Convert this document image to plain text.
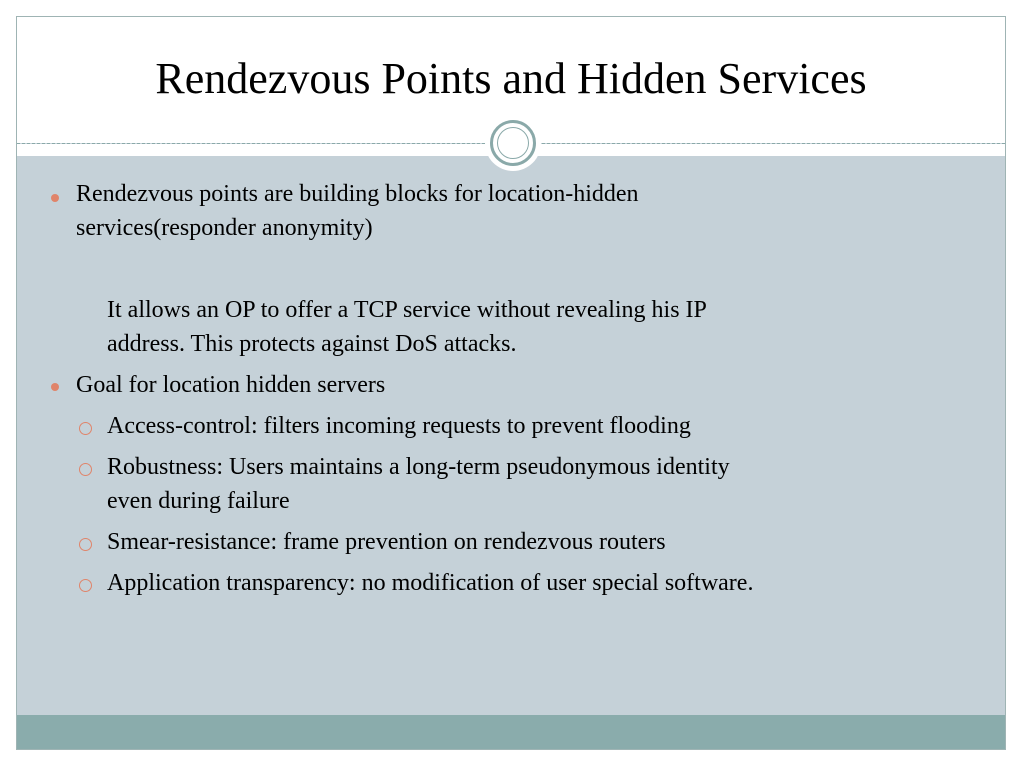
Rendezvous Points and Hidden Services
Rendezvous points are building blocks for location-hidden
services(responder anonymity)
It allows an OP to offer a TCP service without revealing his IP
address. This protects against DoS attacks.
Goal for location hidden servers
Access-control: filters incoming requests to prevent flooding
Robustness: Users maintains a long-term pseudonymous identity
even during failure
Smear-resistance: frame prevention on rendezvous routers
Application transparency: no modification of user special software.
